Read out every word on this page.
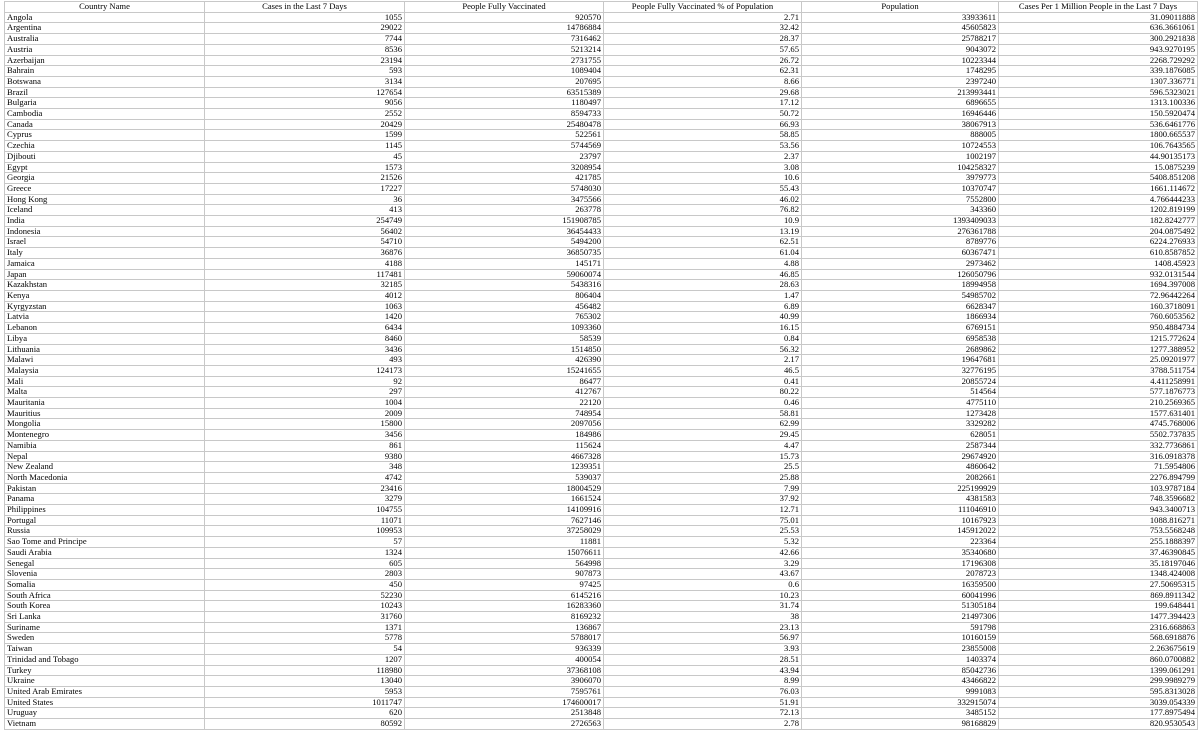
Country Name	Cases in the Last 7 Days	People Fully Vaccinated	People Fully Vaccinated % of Population	Population	Cases Per 1 Million People in the Last 7 Days
Angola	1055	920570	2.71	33933611	31.09011888
Argentina	29022	14786884	32.42	45605823	636.3661061
Australia	7744	7316462	28.37	25788217	300.2921838
Austria	8536	5213214	57.65	9043072	943.9270195
Azerbaijan	23194	2731755	26.72	10223344	2268.729292
Bahrain	593	1089404	62.31	1748295	339.1876085
Botswana	3134	207695	8.66	2397240	1307.336771
Brazil	127654	63515389	29.68	213993441	596.5323021
Bulgaria	9056	1180497	17.12	6896655	1313.100336
Cambodia	2552	8594733	50.72	16946446	150.5920474
Canada	20429	25480478	66.93	38067913	536.6461776
Cyprus	1599	522561	58.85	888005	1800.665537
Czechia	1145	5744569	53.56	10724553	106.7643565
Djibouti	45	23797	2.37	1002197	44.90135173
Egypt	1573	3208954	3.08	104258327	15.0875239
Georgia	21526	421785	10.6	3979773	5408.851208
Greece	17227	5748030	55.43	10370747	1661.114672
Hong Kong	36	3475566	46.02	7552800	4.766444233
Iceland	413	263778	76.82	343360	1202.819199
India	254749	151908785	10.9	1393409033	182.8242777
Indonesia	56402	36454433	13.19	276361788	204.0875492
Israel	54710	5494200	62.51	8789776	6224.276933
Italy	36876	36850735	61.04	60367471	610.8587852
Jamaica	4188	145171	4.88	2973462	1408.45923
Japan	117481	59060074	46.85	126050796	932.0131544
Kazakhstan	32185	5438316	28.63	18994958	1694.397008
Kenya	4012	806404	1.47	54985702	72.96442264
Kyrgyzstan	1063	456482	6.89	6628347	160.3718091
Latvia	1420	765302	40.99	1866934	760.6053562
Lebanon	6434	1093360	16.15	6769151	950.4884734
Libya	8460	58539	0.84	6958538	1215.772624
Lithuania	3436	1514850	56.32	2689862	1277.388952
Malawi	493	426390	2.17	19647681	25.09201977
Malaysia	124173	15241655	46.5	32776195	3788.511754
Mali	92	86477	0.41	20855724	4.411258991
Malta	297	412767	80.22	514564	577.1876773
Mauritania	1004	22120	0.46	4775110	210.2569365
Mauritius	2009	748954	58.81	1273428	1577.631401
Mongolia	15800	2097056	62.99	3329282	4745.768006
Montenegro	3456	184986	29.45	628051	5502.737835
Namibia	861	115624	4.47	2587344	332.7736861
Nepal	9380	4667328	15.73	29674920	316.0918378
New Zealand	348	1239351	25.5	4860642	71.5954806
North Macedonia	4742	539037	25.88	2082661	2276.894799
Pakistan	23416	18004529	7.99	225199929	103.9787184
Panama	3279	1661524	37.92	4381583	748.3596682
Philippines	104755	14109916	12.71	111046910	943.3400713
Portugal	11071	7627146	75.01	10167923	1088.816271
Russia	109953	37258029	25.53	145912022	753.5568248
Sao Tome and Principe	57	11881	5.32	223364	255.1888397
Saudi Arabia	1324	15076611	42.66	35340680	37.46390845
Senegal	605	564998	3.29	17196308	35.18197046
Slovenia	2803	907873	43.67	2078723	1348.424008
Somalia	450	97425	0.6	16359500	27.50695315
South Africa	52230	6145216	10.23	60041996	869.8911342
South Korea	10243	16283360	31.74	51305184	199.648441
Sri Lanka	31760	8169232	38	21497306	1477.394423
Suriname	1371	136867	23.13	591798	2316.668863
Sweden	5778	5788017	56.97	10160159	568.6918876
Taiwan	54	936339	3.93	23855008	2.263675619
Trinidad and Tobago	1207	400054	28.51	1403374	860.0700882
Turkey	118980	37368108	43.94	85042736	1399.061291
Ukraine	13040	3906070	8.99	43466822	299.9989279
United Arab Emirates	5953	7595761	76.03	9991083	595.8313028
United States	1011747	174600017	51.91	332915074	3039.054339
Uruguay	620	2513848	72.13	3485152	177.8975494
Vietnam	80592	2726563	2.78	98168829	820.9530543
